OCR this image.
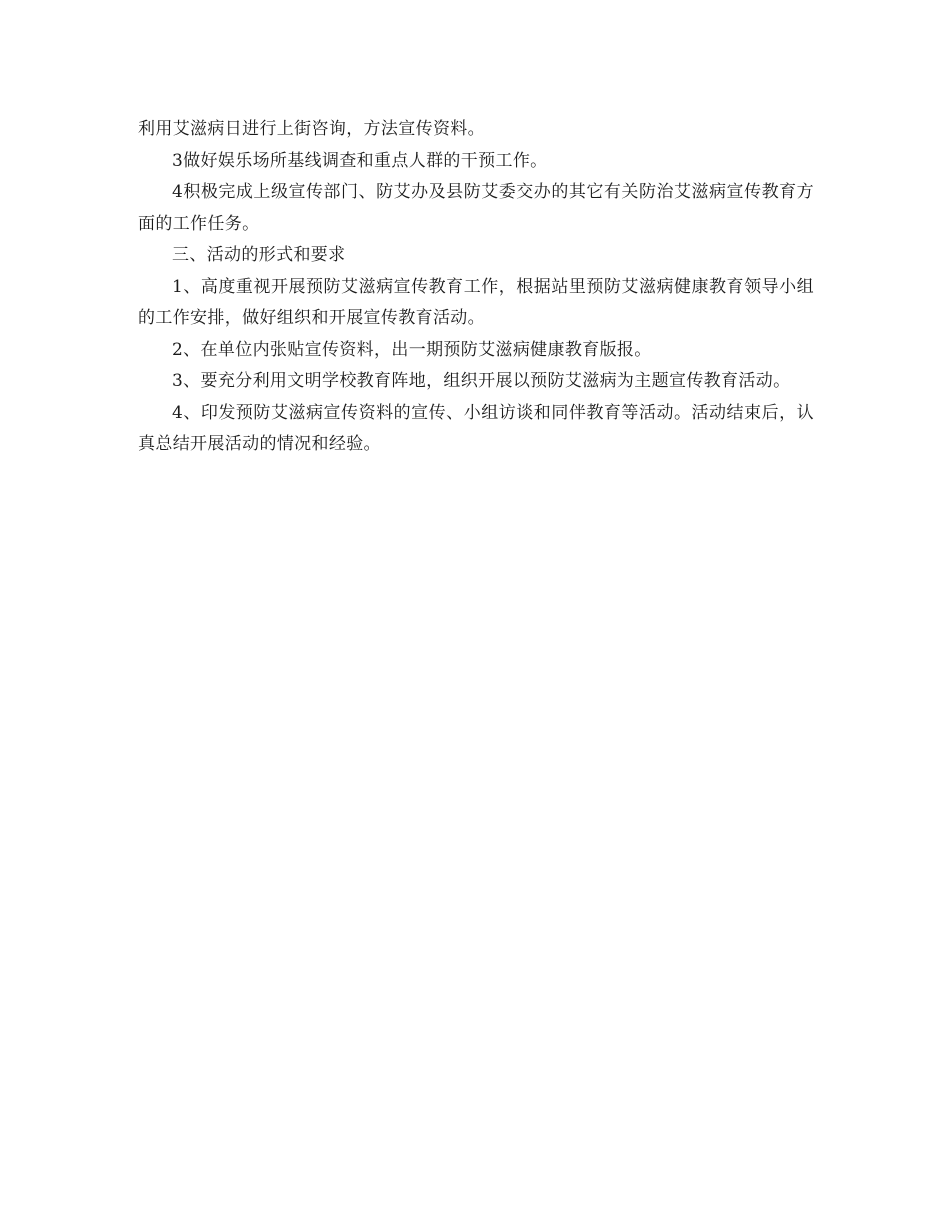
利用艾滋病日进行上街咨询，方法宣传资料。

3做好娱乐场所基线调查和重点人群的干预工作。

4积极完成上级宣传部门、防艾办及县防艾委交办的其它有关防治艾滋病宣传教育方面的工作任务。

三、活动的形式和要求

1、高度重视开展预防艾滋病宣传教育工作，根据站里预防艾滋病健康教育领导小组的工作安排，做好组织和开展宣传教育活动。

2、在单位内张贴宣传资料，出一期预防艾滋病健康教育版报。

3、要充分利用文明学校教育阵地，组织开展以预防艾滋病为主题宣传教育活动。

4、印发预防艾滋病宣传资料的宣传、小组访谈和同伴教育等活动。活动结束后，认真总结开展活动的情况和经验。
